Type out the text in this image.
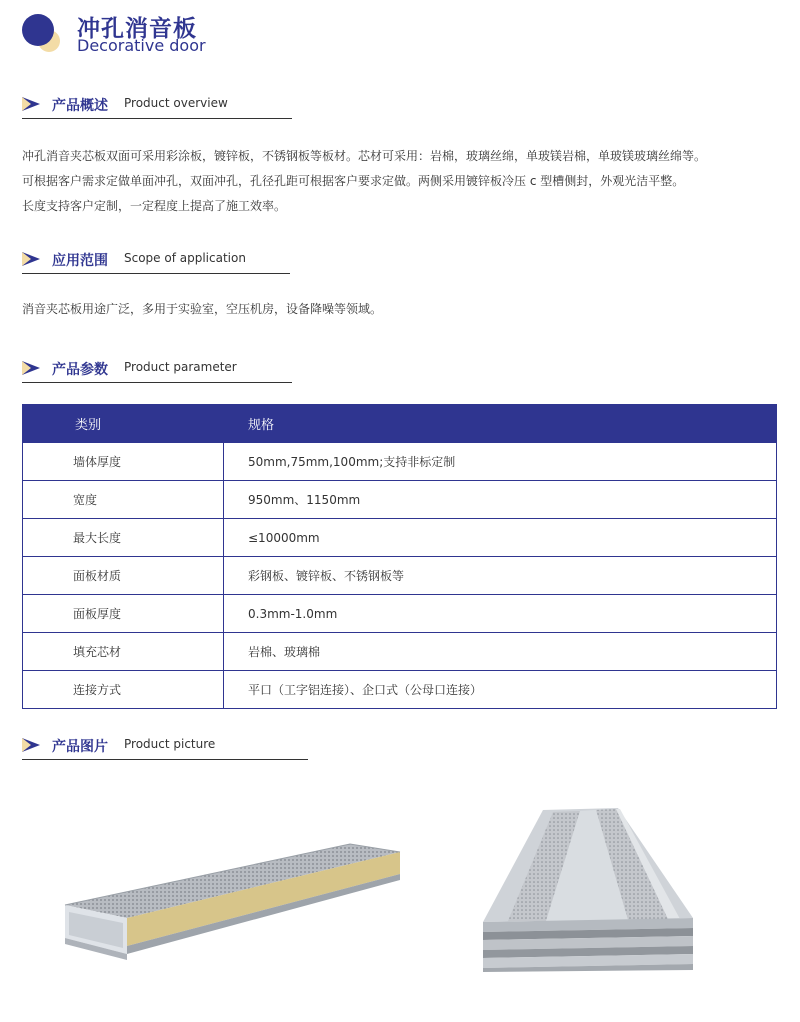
冲孔消音板
Decorative door
产品概述 Product overview
冲孔消音夹芯板双面可采用彩涂板，镀锌板，不锈钢板等板材。芯材可采用：岩棉，玻璃丝绵，单玻镁岩棉，单玻镁玻璃丝绵等。
可根据客户需求定做单面冲孔，双面冲孔，孔径孔距可根据客户要求定做。两侧采用镀锌板冷压 c 型槽侧封，外观光洁平整。
长度支持客户定制，一定程度上提高了施工效率。
应用范围 Scope of application
消音夹芯板用途广泛，多用于实验室，空压机房，设备降噪等领域。
产品参数 Product parameter
类别	规格
墙体厚度	50mm,75mm,100mm;支持非标定制
宽度	950mm、1150mm
最大长度	≤10000mm
面板材质	彩钢板、镀锌板、不锈钢板等
面板厚度	0.3mm-1.0mm
填充芯材	岩棉、玻璃棉
连接方式	平口（工字铝连接）、企口式（公母口连接）
产品图片 Product picture
